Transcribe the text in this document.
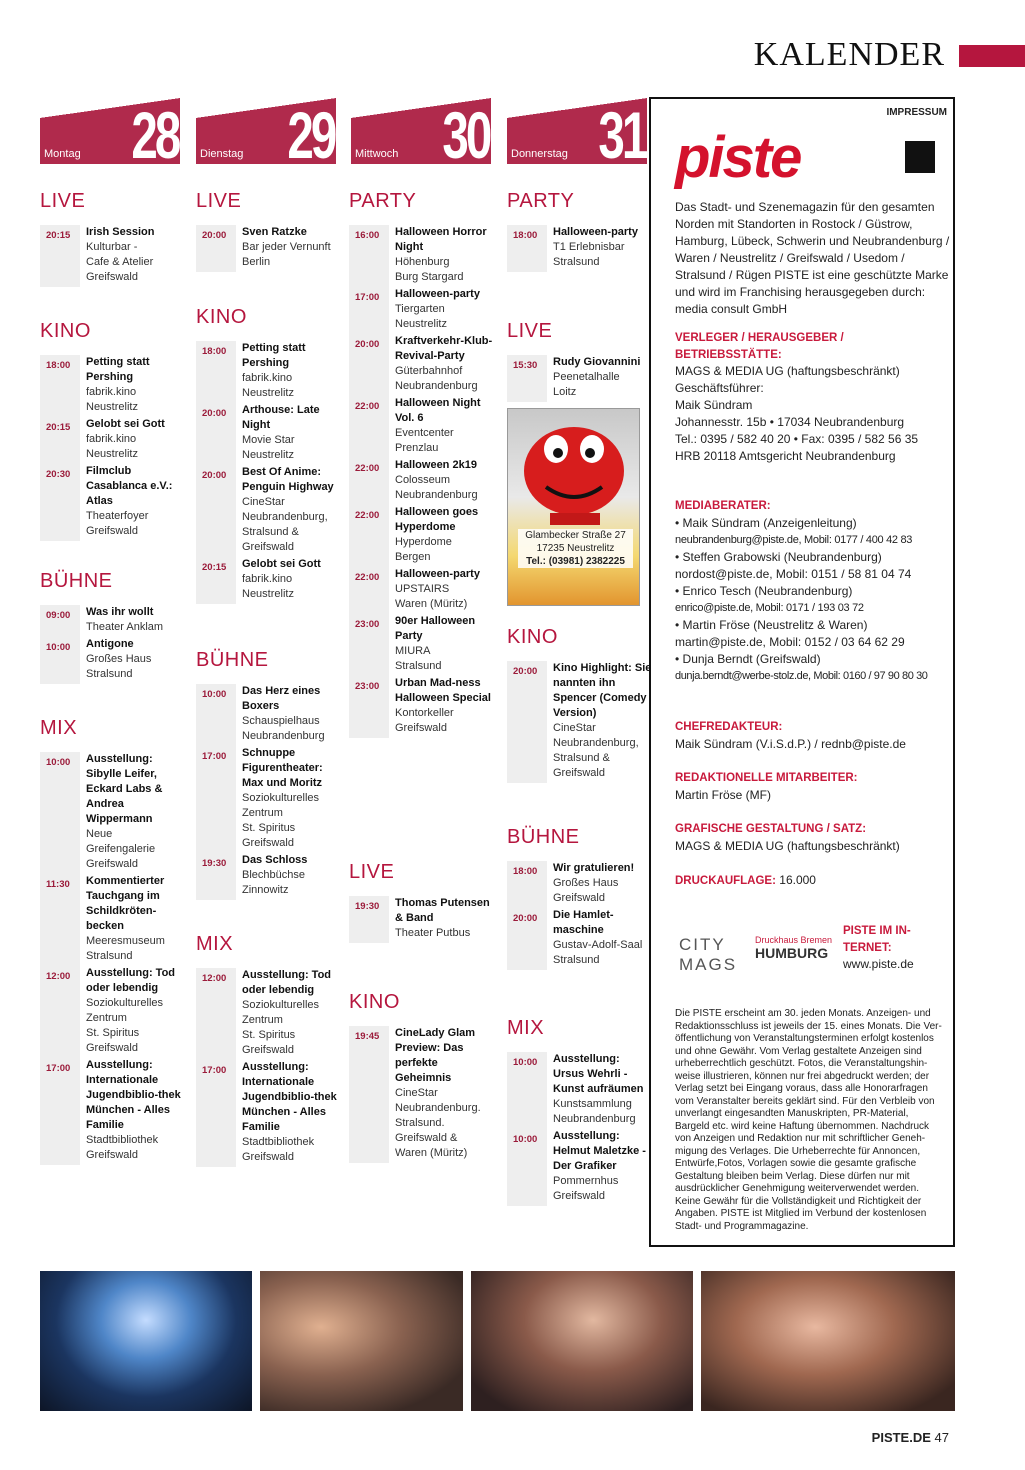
KALENDER
Montag 28 Dienstag 29 Mittwoch 30 Donnerstag 31
LIVE
20:15	Irish Session
Kulturbar -
Cafe & Atelier
Greifswald
KINO
18:00	Petting statt Pershing
fabrik.kino
Neustrelitz
20:15	Gelobt sei Gott
fabrik.kino
Neustrelitz
20:30	Filmclub Casablanca e.V.: Atlas
Theaterfoyer
Greifswald
BÜHNE
09:00	Was ihr wollt
Theater Anklam
10:00	Antigone
Großes Haus
Stralsund
MIX
10:00	Ausstellung: Sibylle Leifer, Eckard Labs & Andrea Wippermann
Neue
Greifengalerie
Greifswald
11:30	Kommentierter Tauchgang im Schildkröten-becken
Meeresmuseum
Stralsund
12:00	Ausstellung: Tod oder lebendig
Soziokulturelles
Zentrum
St. Spiritus
Greifswald
17:00	Ausstellung: Internationale Jugendbiblio-thek München - Alles Familie
Stadtbibliothek
Greifswald
LIVE
20:00	Sven Ratzke
Bar jeder Vernunft
Berlin
KINO
18:00	Petting statt Pershing
fabrik.kino
Neustrelitz
20:00	Arthouse: Late Night
Movie Star
Neustrelitz
20:00	Best Of Anime: Penguin Highway
CineStar
Neubrandenburg,
Stralsund &
Greifswald
20:15	Gelobt sei Gott
fabrik.kino
Neustrelitz
BÜHNE
10:00	Das Herz eines Boxers
Schauspielhaus
Neubrandenburg
17:00	Schnuppe Figurentheater: Max und Moritz
Soziokulturelles
Zentrum
St. Spiritus
Greifswald
19:30	Das Schloss
Blechbüchse
Zinnowitz
MIX
12:00	Ausstellung: Tod oder lebendig
Soziokulturelles
Zentrum
St. Spiritus
Greifswald
17:00	Ausstellung: Internationale Jugendbiblio-thek München - Alles Familie
Stadtbibliothek
Greifswald
PARTY
16:00	Halloween Horror Night
Höhenburg
Burg Stargard
17:00	Halloween-party
Tiergarten
Neustrelitz
20:00	Kraftverkehr-Klub-Revival-Party
Güterbahnhof
Neubrandenburg
22:00	Halloween Night Vol. 6
Eventcenter
Prenzlau
22:00	Halloween 2k19
Colosseum
Neubrandenburg
22:00	Halloween goes Hyperdome
Hyperdome
Bergen
22:00	Halloween-party
UPSTAIRS
Waren (Müritz)
23:00	90er Halloween Party
MIURA
Stralsund
23:00	Urban Mad-ness Halloween Special
Kontorkeller
Greifswald
LIVE
19:30	Thomas Putensen & Band
Theater Putbus
KINO
19:45	CineLady Glam Preview: Das perfekte Geheimnis
CineStar
Neubrandenburg.
Stralsund.
Greifswald &
Waren (Müritz)
PARTY
18:00	Halloween-party
T1 Erlebnisbar
Stralsund
LIVE
15:30	Rudy Giovannini
Peenetalhalle
Loitz
KINO
20:00	Kino Highlight: Sie nannten ihn Spencer (Comedy Version)
CineStar
Neubrandenburg,
Stralsund &
Greifswald
BÜHNE
18:00	Wir gratulieren!
Großes Haus
Greifswald
20:00	Die Hamlet-maschine
Gustav-Adolf-Saal
Stralsund
MIX
10:00	Ausstellung: Ursus Wehrli - Kunst aufräumen
Kunstsammlung
Neubrandenburg
10:00	Ausstellung: Helmut Maletzke - Der Grafiker
Pommernhus
Greifswald
Glambecker Straße 27
17235 Neustrelitz
Tel.: (03981) 2382225
IMPRESSUM
piste
Das Stadt- und Szenemagazin für den gesamten Norden mit Standorten in Rostock / Güstrow, Hamburg, Lübeck, Schwerin und Neubrandenburg / Waren / Neustrelitz / Greifswald / Usedom / Stralsund / Rügen PISTE ist eine geschützte Marke und wird im Franchising herausgegeben durch: media consult GmbH
VERLEGER / HERAUSGEBER / BETRIEBSSTÄTTE:
MAGS & MEDIA UG (haftungsbeschränkt)
Geschäftsführer:
Maik Sündram
Johannesstr. 15b • 17034 Neubrandenburg
Tel.: 0395 / 582 40 20 • Fax: 0395 / 582 56 35
HRB 20118 Amtsgericht Neubrandenburg
MEDIABERATER:
• Maik Sündram (Anzeigenleitung)
neubrandenburg@piste.de, Mobil: 0177 / 400 42 83
• Steffen Grabowski (Neubrandenburg)
nordost@piste.de, Mobil: 0151 / 58 81 04 74
• Enrico Tesch (Neubrandenburg)
enrico@piste.de, Mobil: 0171 / 193 03 72
• Martin Fröse (Neustrelitz & Waren)
martin@piste.de, Mobil: 0152 / 03 64 62 29
• Dunja Berndt (Greifswald)
dunja.berndt@werbe-stolz.de, Mobil: 0160 / 97 90 80 30
CHEFREDAKTEUR:
Maik Sündram (V.i.S.d.P.) / rednb@piste.de
REDAKTIONELLE MITARBEITER:
Martin Fröse (MF)
GRAFISCHE GESTALTUNG / SATZ:
MAGS & MEDIA UG (haftungsbeschränkt)
DRUCKAUFLAGE: 16.000
CITY
MAGS
Druckhaus Bremen
HUMBURG
PISTE IM IN-TERNET: www.piste.de
Die PISTE erscheint am 30. jeden Monats. Anzeigen- und Redaktionsschluss ist jeweils der 15. eines Monats. Die Ver-öffentlichung von Veranstaltungsterminen erfolgt kostenlos und ohne Gewähr. Vom Verlag gestaltete Anzeigen sind urheberrechtlich geschützt. Fotos, die Veranstaltungshin-weise illustrieren, können nur frei abgedruckt werden; der Verlag setzt bei Eingang voraus, dass alle Honorarfragen vom Veranstalter bereits geklärt sind. Für den Verbleib von unverlangt eingesandten Manuskripten, PR-Material, Bargeld etc. wird keine Haftung übernommen. Nachdruck von Anzeigen und Redaktion nur mit schriftlicher Geneh-migung des Verlages. Die Urheberrechte für Annoncen, Entwürfe,Fotos, Vorlagen sowie die gesamte grafische Gestaltung bleiben beim Verlag. Diese dürfen nur mit ausdrücklicher Genehmigung weiterverwendet werden. Keine Gewähr für die Vollständigkeit und Richtigkeit der Angaben. PISTE ist Mitglied im Verbund der kostenlosen Stadt- und Programmagazine.
PISTE.DE 47
